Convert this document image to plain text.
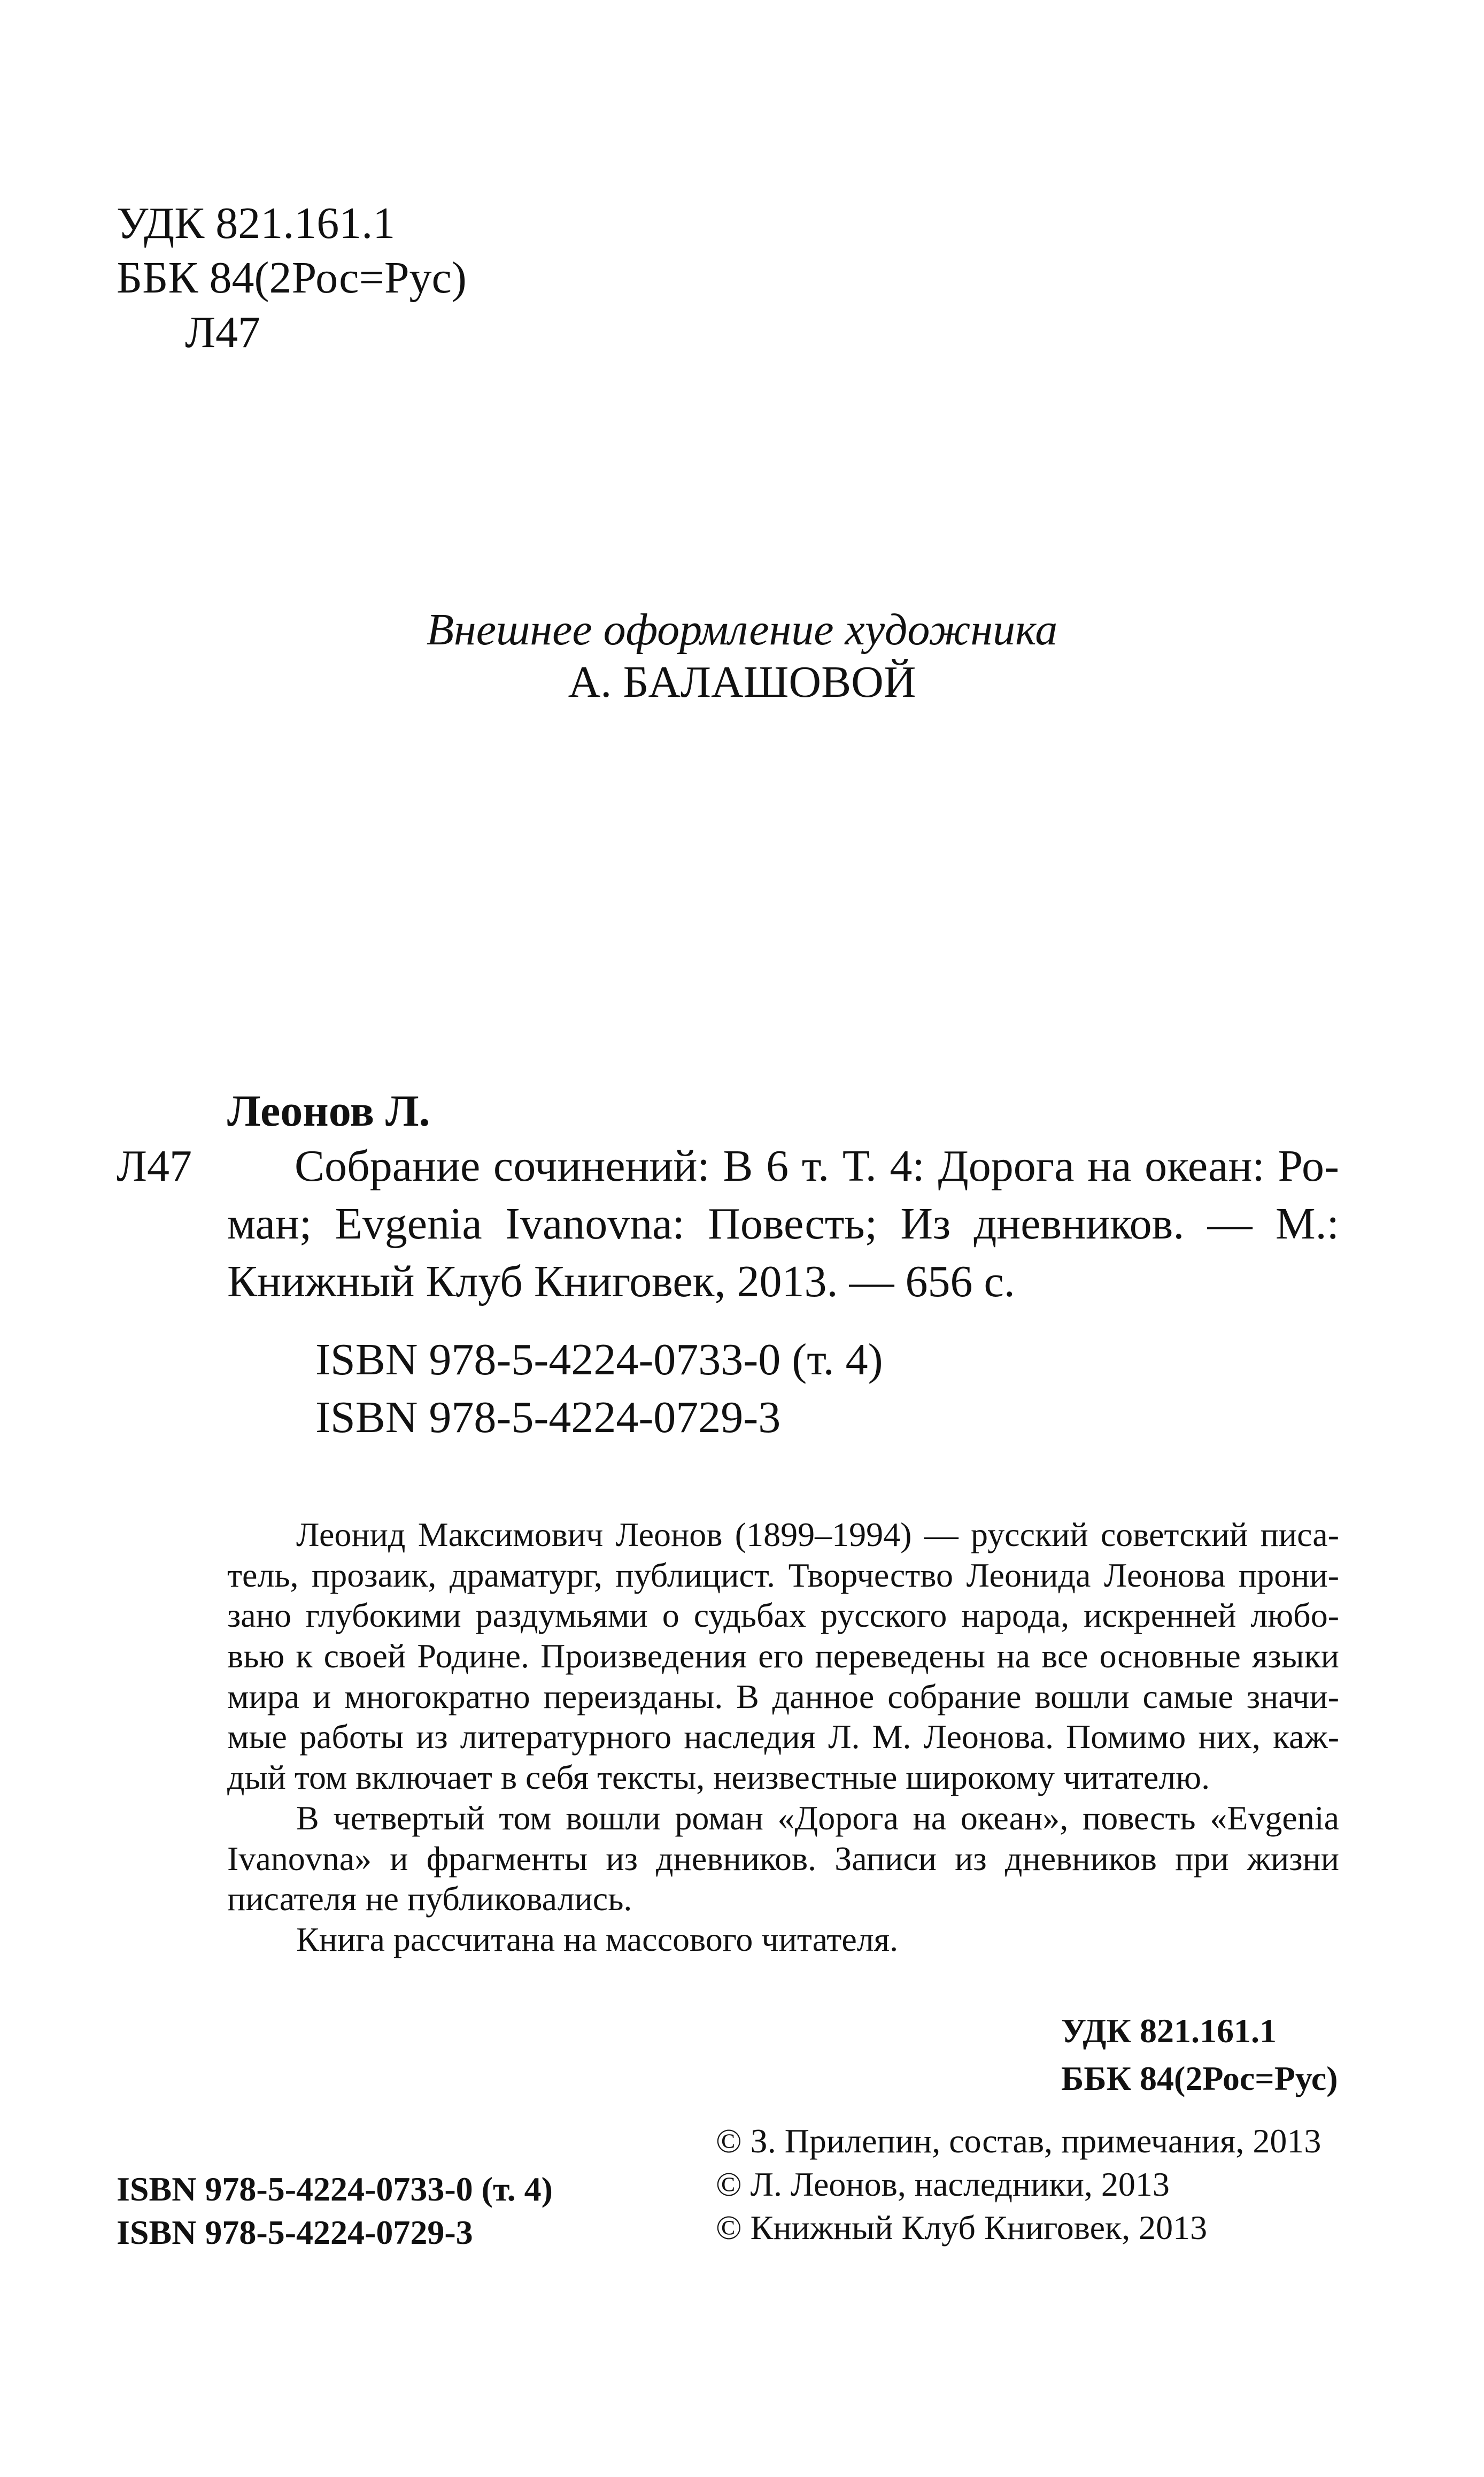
УДК 821.161.1
ББК 84(2Рос=Рус)
Л47
Внешнее оформление художника
А. БАЛАШОВОЙ
Леонов Л.
Л47	Собрание сочинений: В 6 т. Т. 4: Дорога на океан: Ро-
ман; Evgenia Ivanovna: Повесть; Из дневников. — М.:
Книжный Клуб Книговек, 2013. — 656 с.
ISBN 978-5-4224-0733-0 (т. 4)
ISBN 978-5-4224-0729-3
Леонид Максимович Леонов (1899–1994) — русский советский писа-
тель, прозаик, драматург, публицист. Творчество Леонида Леонова прони-
зано глубокими раздумьями о судьбах русского народа, искренней любо-
вью к своей Родине. Произведения его переведены на все основные языки
мира и многократно переизданы. В данное собрание вошли самые значи-
мые работы из литературного наследия Л. М. Леонова. Помимо них, каж-
дый том включает в себя тексты, неизвестные широкому читателю.
В четвертый том вошли роман «Дорога на океан», повесть «Evgenia
Ivanovna» и фрагменты из дневников. Записи из дневников при жизни
писателя не публиковались.
Книга рассчитана на массового читателя.
УДК 821.161.1
ББК 84(2Рос=Рус)
ISBN 978-5-4224-0733-0 (т. 4)
ISBN 978-5-4224-0729-3
© З. Прилепин, состав, примечания, 2013
© Л. Леонов, наследники, 2013
© Книжный Клуб Книговек, 2013
